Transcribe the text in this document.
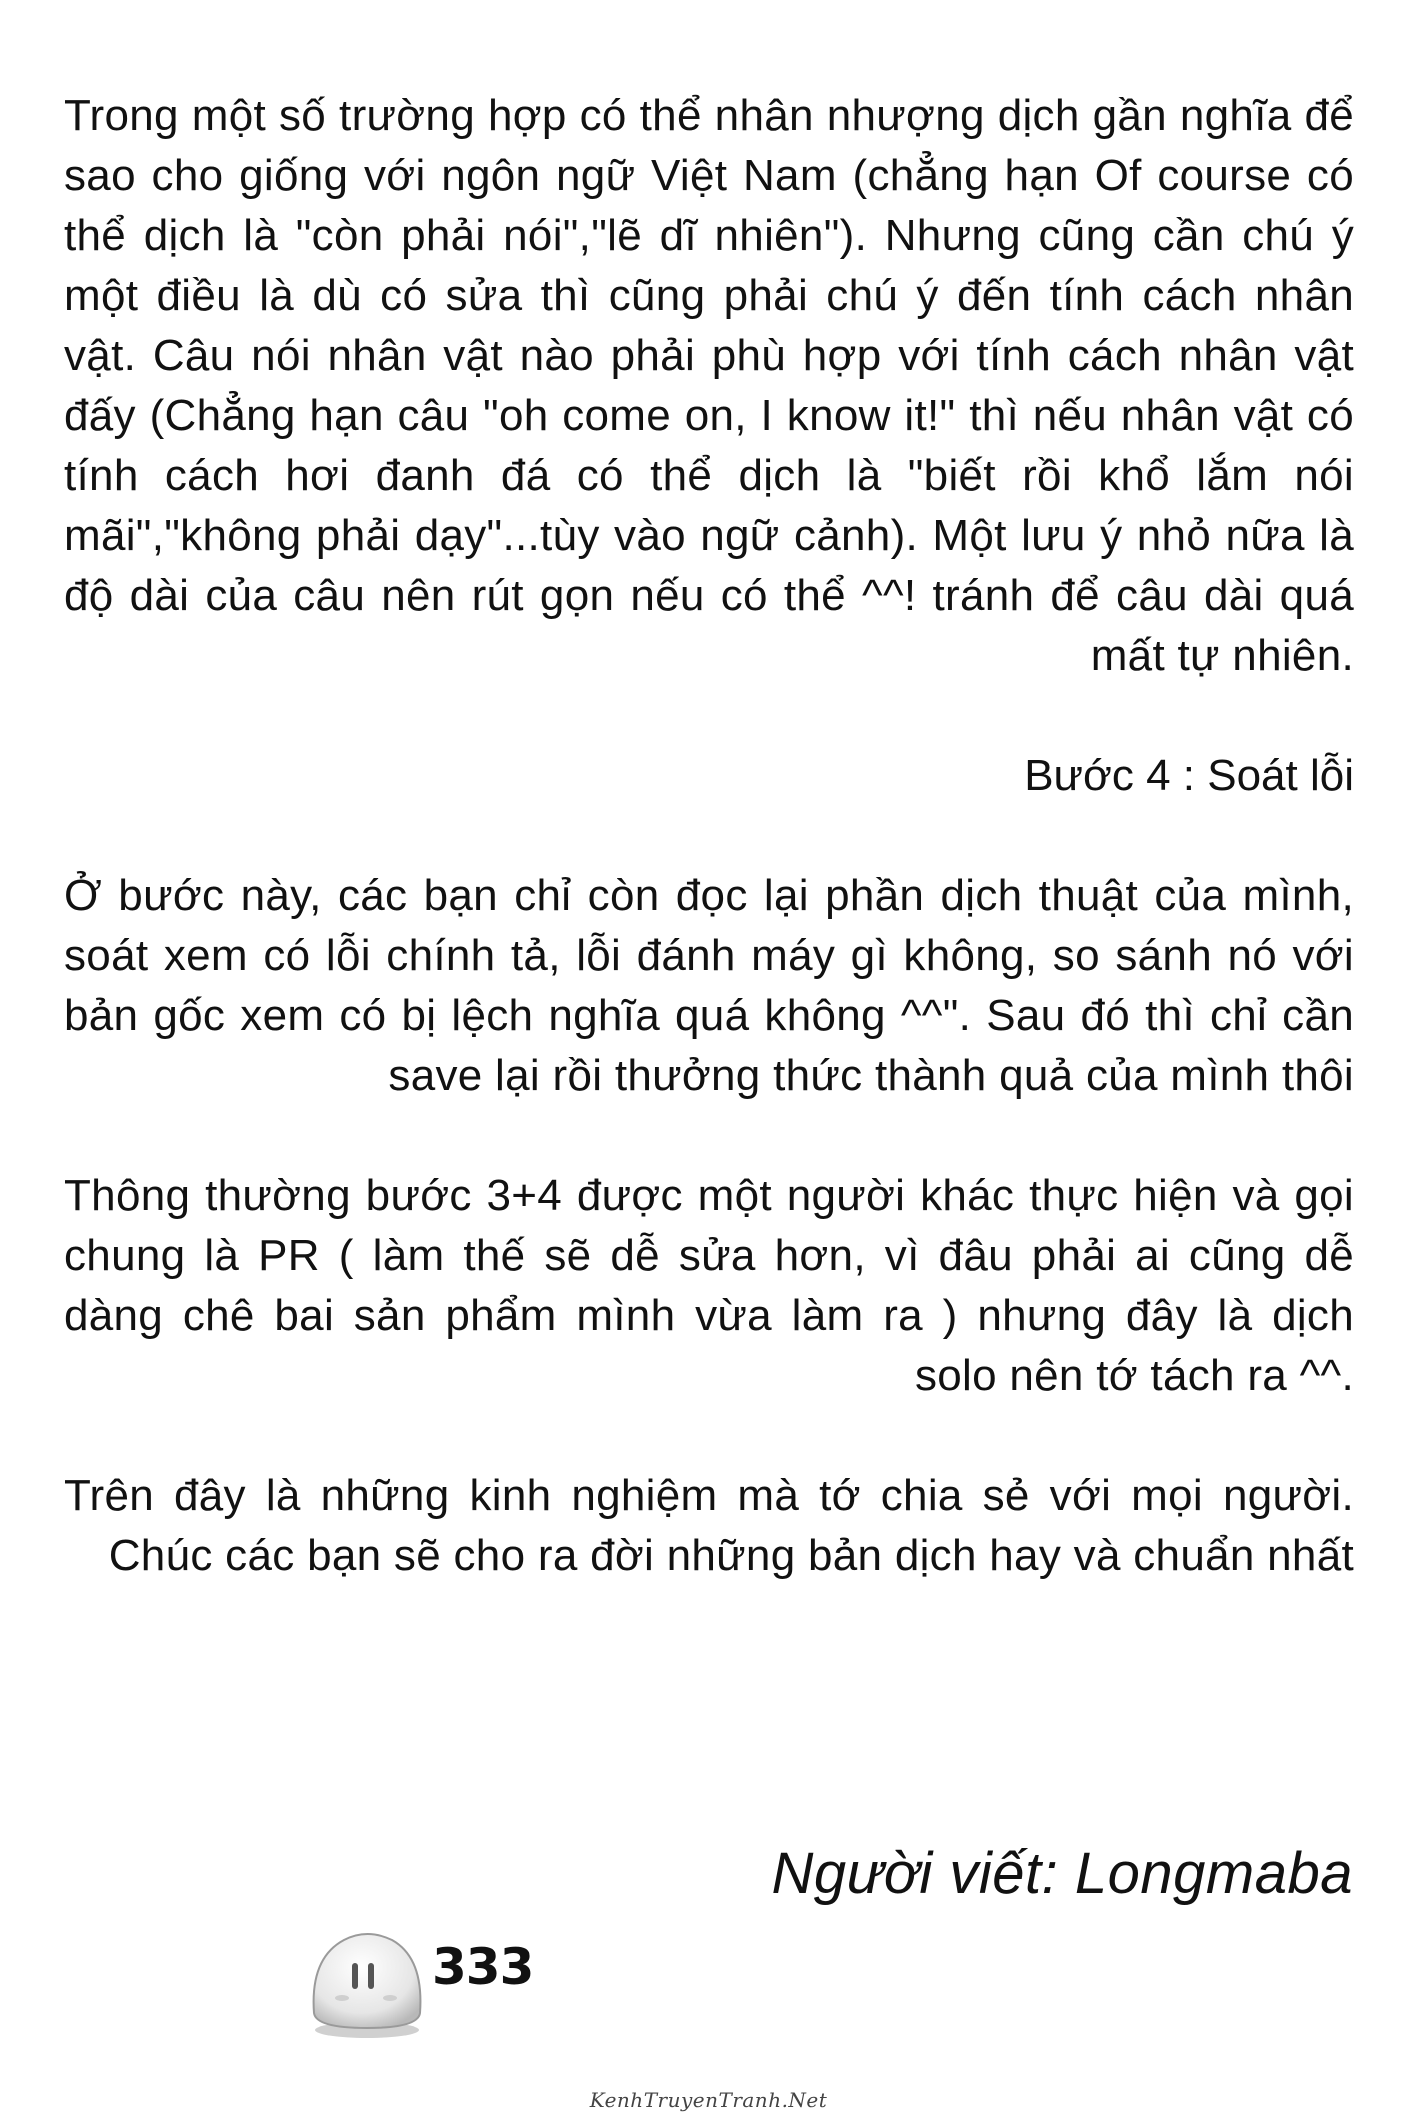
Trong một số trường hợp có thể nhân nhượng dịch gần nghĩa để sao cho giống với ngôn ngữ Việt Nam (chẳng hạn Of course có thể dịch là "còn phải nói","lẽ dĩ nhiên"). Nhưng cũng cần chú ý một điều là dù có sửa thì cũng phải chú ý đến tính cách nhân vật. Câu nói nhân vật nào phải phù hợp với tính cách nhân vật đấy (Chẳng hạn câu "oh come on, I know it!" thì nếu nhân vật có tính cách hơi đanh đá có thể dịch là "biết rồi khổ lắm nói mãi","không phải dạy"...tùy vào ngữ cảnh). Một lưu ý nhỏ nữa là độ dài của câu nên rút gọn nếu có thể ^^! tránh để câu dài quá mất tự nhiên.

Bước 4 : Soát lỗi

Ở bước này, các bạn chỉ còn đọc lại phần dịch thuật của mình, soát xem có lỗi chính tả, lỗi đánh máy gì không, so sánh nó với bản gốc xem có bị lệch nghĩa quá không ^^". Sau đó thì chỉ cần save lại rồi thưởng thức thành quả của mình thôi

Thông thường bước 3+4 được một người khác thực hiện và gọi chung là PR ( làm thế sẽ dễ sửa hơn, vì đâu phải ai cũng dễ dàng chê bai sản phẩm mình vừa làm ra ) nhưng đây là dịch solo nên tớ tách ra ^^.

Trên đây là những kinh nghiệm mà tớ chia sẻ với mọi người. Chúc các bạn sẽ cho ra đời những bản dịch hay và chuẩn nhất

Người viết: Longmaba
333
KenhTruyenTranh.Net
